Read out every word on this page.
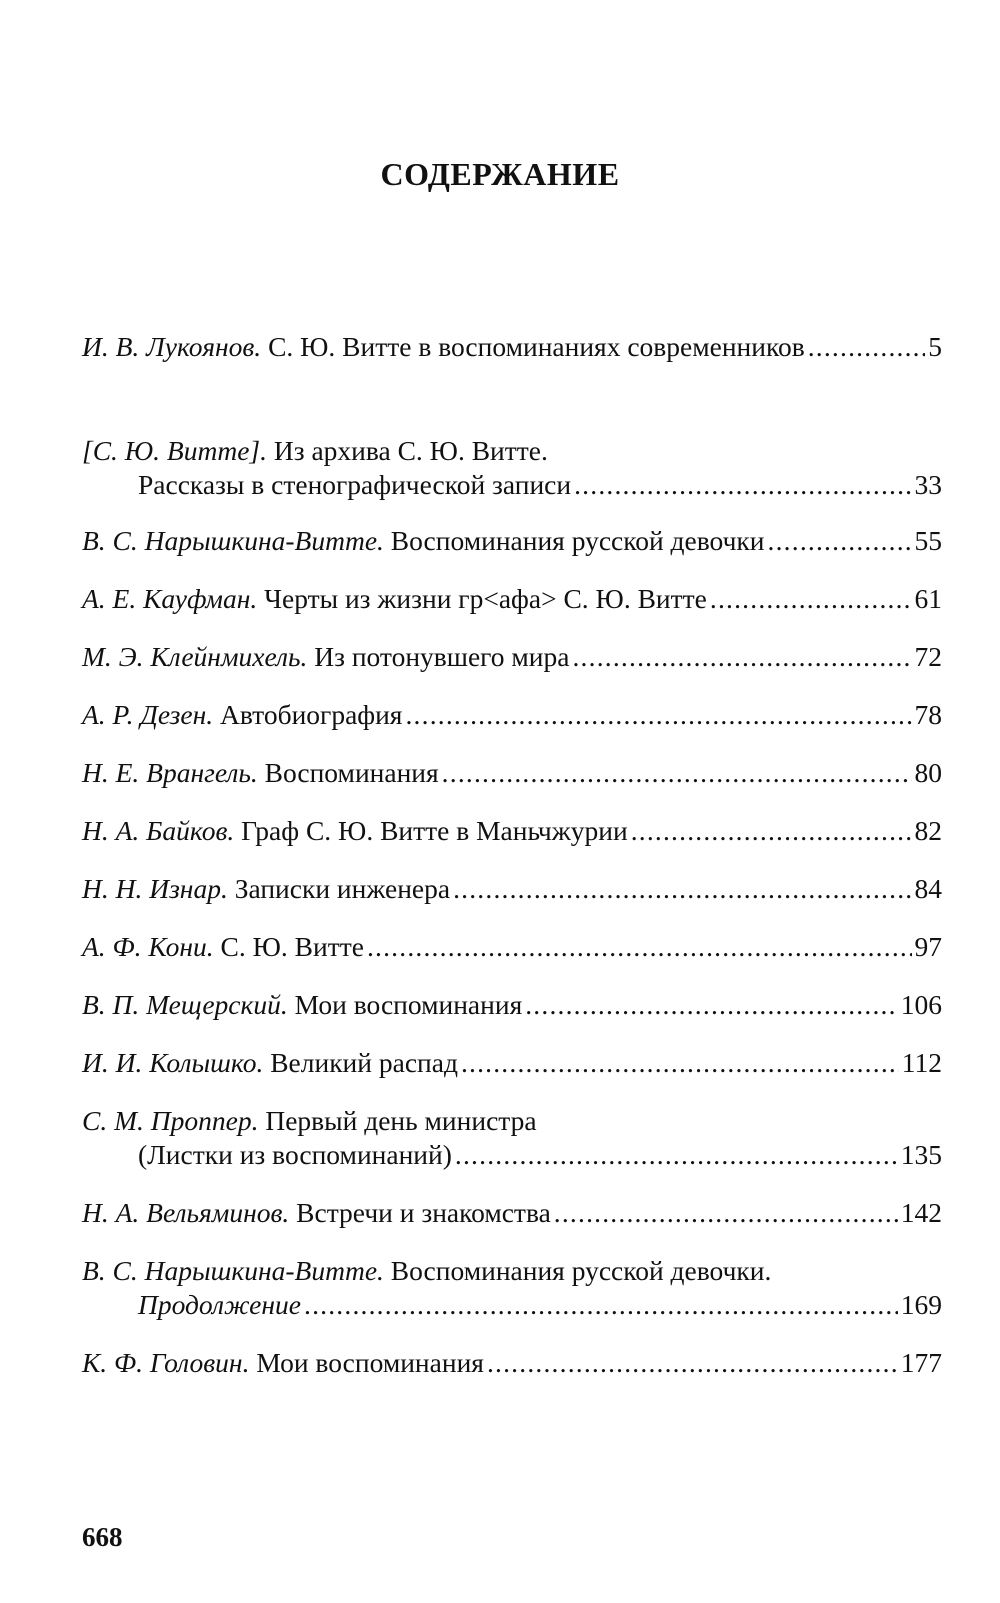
СОДЕРЖАНИЕ
И. В. Лукоянов.
С. Ю. Витте в воспоминаниях современников .....	5
[С. Ю. Витте].
Из архива С. Ю. Витте.
Рассказы в стенографической записи .....	33
В. С. Нарышкина-Витте.
Воспоминания русской девочки .....	55
А. Е. Кауфман.
Черты из жизни гр<афа> С. Ю. Витте .....	61
М. Э. Клейнмихель.
Из потонувшего мира .....	72
А. Р. Дезен.
Автобиография .....	78
Н. Е. Врангель.
Воспоминания .....	80
Н. А. Байков.
Граф С. Ю. Витте в Маньчжурии .....	82
Н. Н. Изнар.
Записки инженера .....	84
А. Ф. Кони.
С. Ю. Витте .....	97
В. П. Мещерский.
Мои воспоминания .....	106
И. И. Колышко.
Великий распад .....	112
С. М. Проппер.
Первый день министра
(Листки из воспоминаний) .....	135
Н. А. Вельяминов.
Встречи и знакомства .....	142
В. С. Нарышкина-Витте.
Воспоминания русской девочки.
Продолжение .....	169
К. Ф. Головин.
Мои воспоминания .....	177
668
